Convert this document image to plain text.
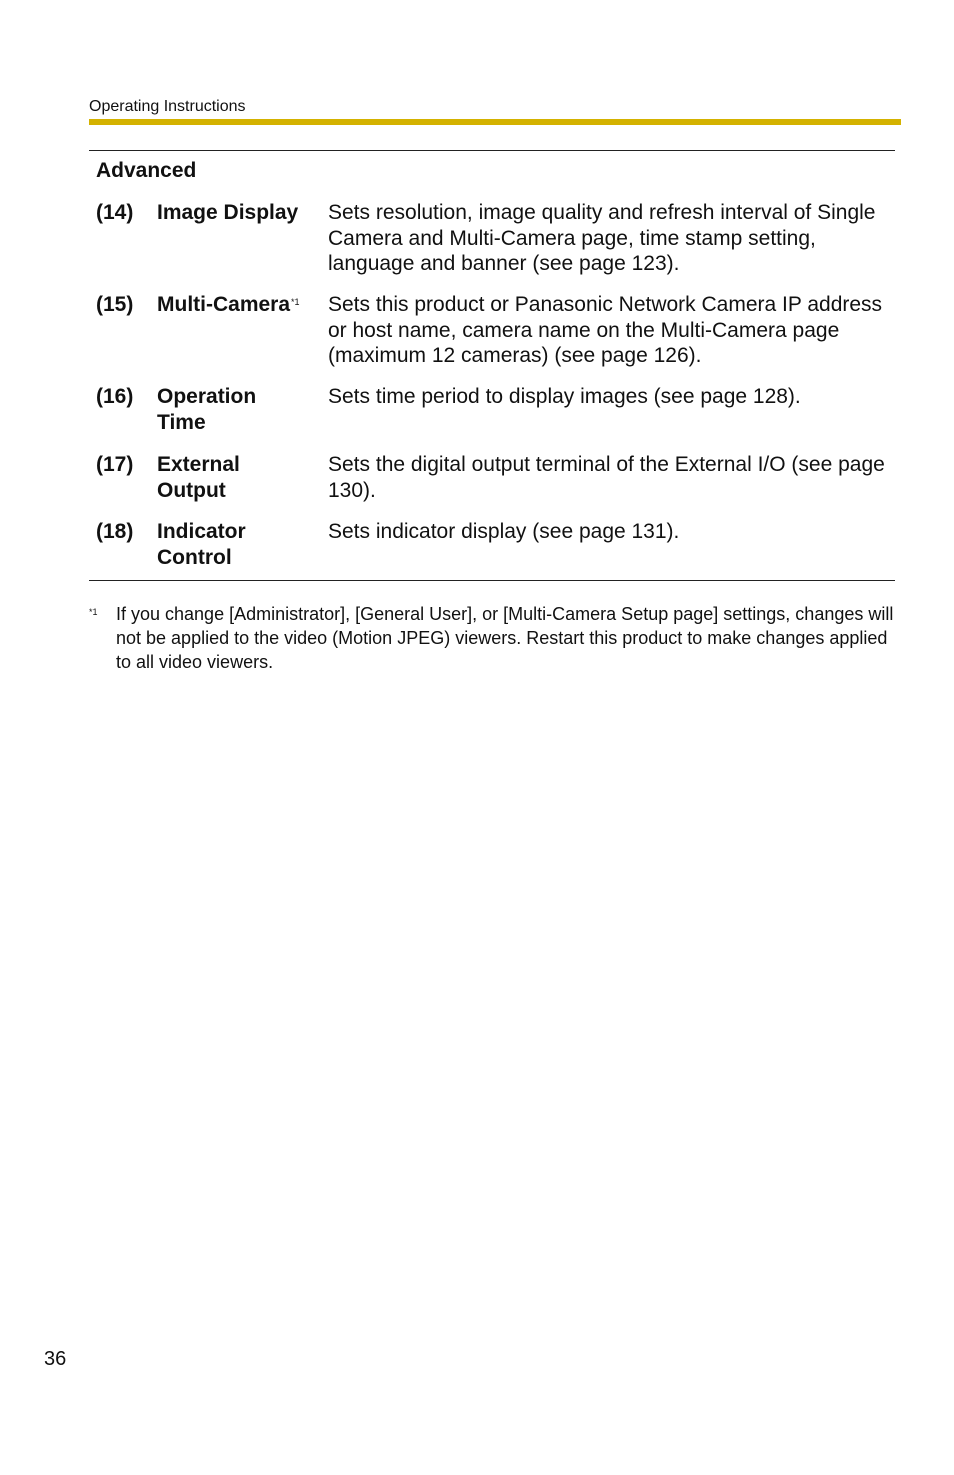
Operating Instructions
Advanced
(14) Image Display	Sets resolution, image quality and refresh interval of Single Camera and Multi-Camera page, time stamp setting, language and banner (see page 123).
(15) Multi-Camera$^{*1}$	Sets this product or Panasonic Network Camera IP address or host name, camera name on the Multi-Camera page (maximum 12 cameras) (see page 126).
(16) Operation Time
Sets time period to display images (see page 128).
(17) External Output
Sets the digital output terminal of the External I/O (see page 130).
(18) Indicator Control
Sets indicator display (see page 131).
*1 If you change [Administrator], [General User], or [Multi-Camera Setup page] settings, changes will not be applied to the video (Motion JPEG) viewers. Restart this product to make changes applied to all video viewers.
36
